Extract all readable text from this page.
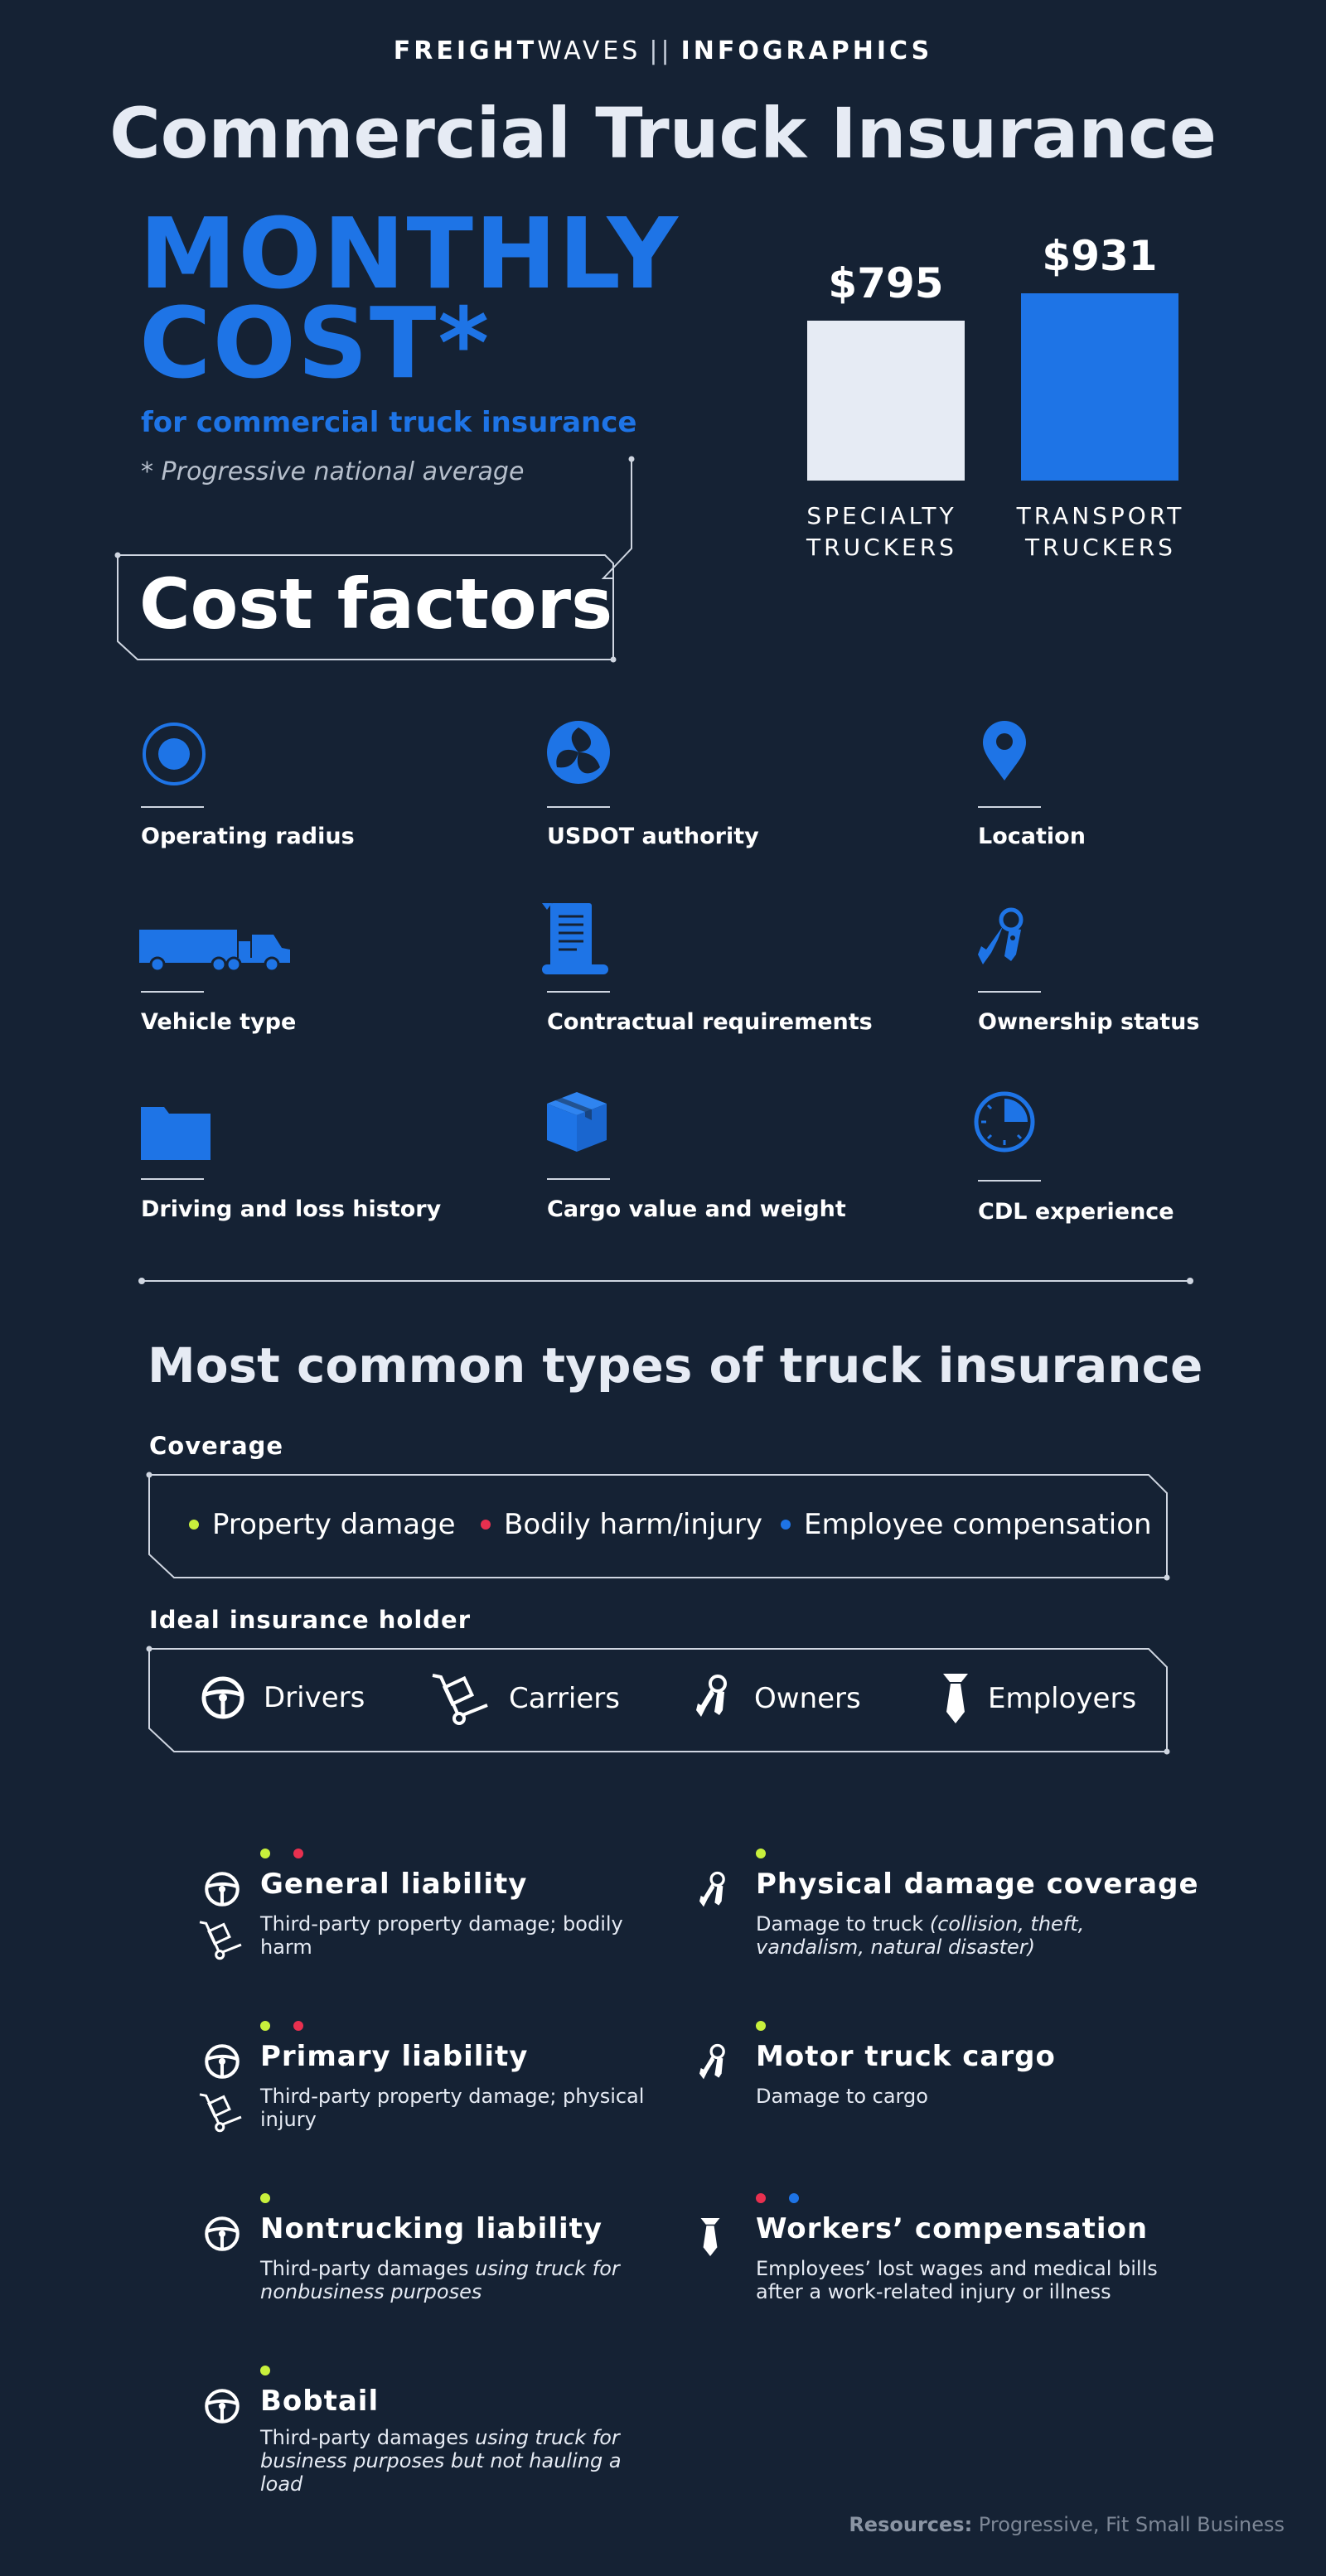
FREIGHTWAVES || INFOGRAPHICS
Commercial Truck Insurance
MONTHLY
COST*
for commercial truck insurance
* Progressive national average
$795
$931
SPECIALTY
TRUCKERS
TRANSPORT
TRUCKERS
Cost factors
Operating radius	USDOT authority	Location
Vehicle type	Contractual requirements	Ownership status
Driving and loss history	Cargo value and weight	CDL experience
Most common types of truck insurance
Coverage
Property damage Bodily harm/injury Employee compensation
Ideal insurance holder
Drivers	Carriers	Owners	Employers
General liability
Third-party property damage; bodily harm
Physical damage coverage
Damage to truck (collision, theft, vandalism, natural disaster)
Primary liability
Third-party property damage; physical injury
Motor truck cargo
Damage to cargo
Nontrucking liability
Third-party damages using truck for nonbusiness purposes
Workers’ compensation
Employees’ lost wages and medical bills after a work-related injury or illness
Bobtail
Third-party damages using truck for business purposes but not hauling a load
Resources: Progressive, Fit Small Business
